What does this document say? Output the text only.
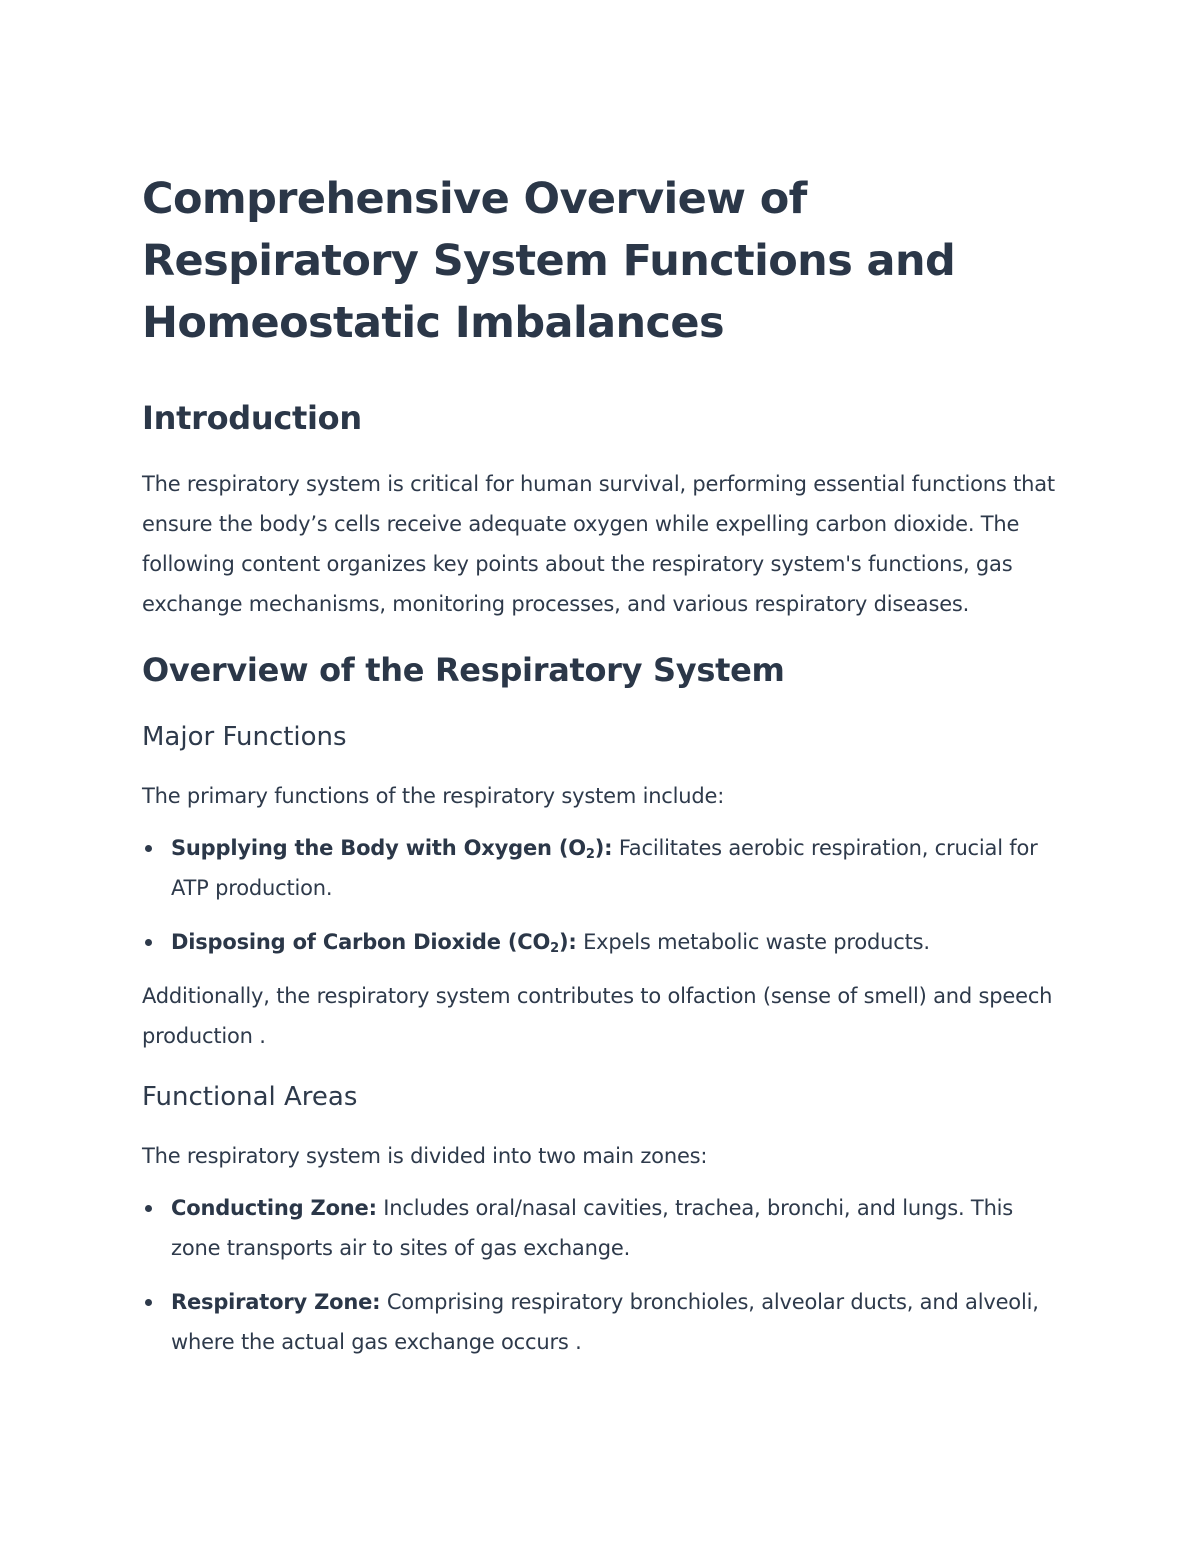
Comprehensive Overview of Respiratory System Functions and Homeostatic Imbalances
Introduction

The respiratory system is critical for human survival, performing essential functions that ensure the body’s cells receive adequate oxygen while expelling carbon dioxide. The following content organizes key points about the respiratory system's functions, gas exchange mechanisms, monitoring processes, and various respiratory diseases.

Overview of the Respiratory System
Major Functions

The primary functions of the respiratory system include:

Supplying the Body with Oxygen $(O_2)$: Facilitates aerobic respiration, crucial for ATP production.
Disposing of Carbon Dioxide $(CO_2)$: Expels metabolic waste products.

Additionally, the respiratory system contributes to olfaction (sense of smell) and speech production .

Functional Areas

The respiratory system is divided into two main zones:

Conducting Zone: Includes oral/nasal cavities, trachea, bronchi, and lungs. This zone transports air to sites of gas exchange.
Respiratory Zone: Comprising respiratory bronchioles, alveolar ducts, and alveoli, where the actual gas exchange occurs .
